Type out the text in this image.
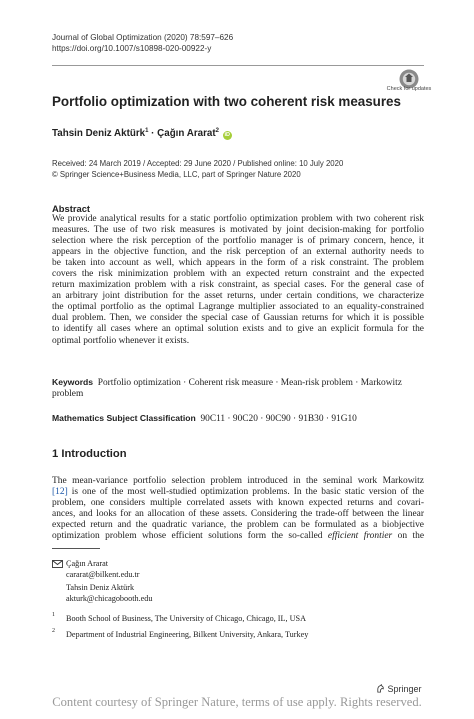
Journal of Global Optimization (2020) 78:597–626
https://doi.org/10.1007/s10898-020-00922-y
Check for updates
Portfolio optimization with two coherent risk measures
Tahsin Deniz Aktürk$^1$ · Çağın Ararat$^2$ iD
Received: 24 March 2019 / Accepted: 29 June 2020 / Published online: 10 July 2020
© Springer Science+Business Media, LLC, part of Springer Nature 2020
Abstract
We provide analytical results for a static portfolio optimization problem with two coherent risk
measures. The use of two risk measures is motivated by joint decision-making for portfolio
selection where the risk perception of the portfolio manager is of primary concern, hence, it
appears in the objective function, and the risk perception of an external authority needs to
be taken into account as well, which appears in the form of a risk constraint. The problem
covers the risk minimization problem with an expected return constraint and the expected
return maximization problem with a risk constraint, as special cases. For the general case of
an arbitrary joint distribution for the asset returns, under certain conditions, we characterize
the optimal portfolio as the optimal Lagrange multiplier associated to an equality-constrained
dual problem. Then, we consider the special case of Gaussian returns for which it is possible
to identify all cases where an optimal solution exists and to give an explicit formula for the
optimal portfolio whenever it exists.
Keywords Portfolio optimization · Coherent risk measure · Mean-risk problem · Markowitz
problem
Mathematics Subject Classification 90C11 · 90C20 · 90C90 · 91B30 · 91G10
1 Introduction
The mean-variance portfolio selection problem introduced in the seminal work Markowitz
[12] is one of the most well-studied optimization problems. In the basic static version of the
problem, one considers multiple correlated assets with known expected returns and covari-
ances, and looks for an allocation of these assets. Considering the trade-off between the linear
expected return and the quadratic variance, the problem can be formulated as a biobjective
optimization problem whose efficient solutions form the so-called efficient frontier on the
Çağın Ararat
cararat@bilkent.edu.tr
Tahsin Deniz Aktürk
akturk@chicagobooth.edu
1 Booth School of Business, The University of Chicago, Chicago, IL, USA
2 Department of Industrial Engineering, Bilkent University, Ankara, Turkey
Springer
Content courtesy of Springer Nature, terms of use apply. Rights reserved.
